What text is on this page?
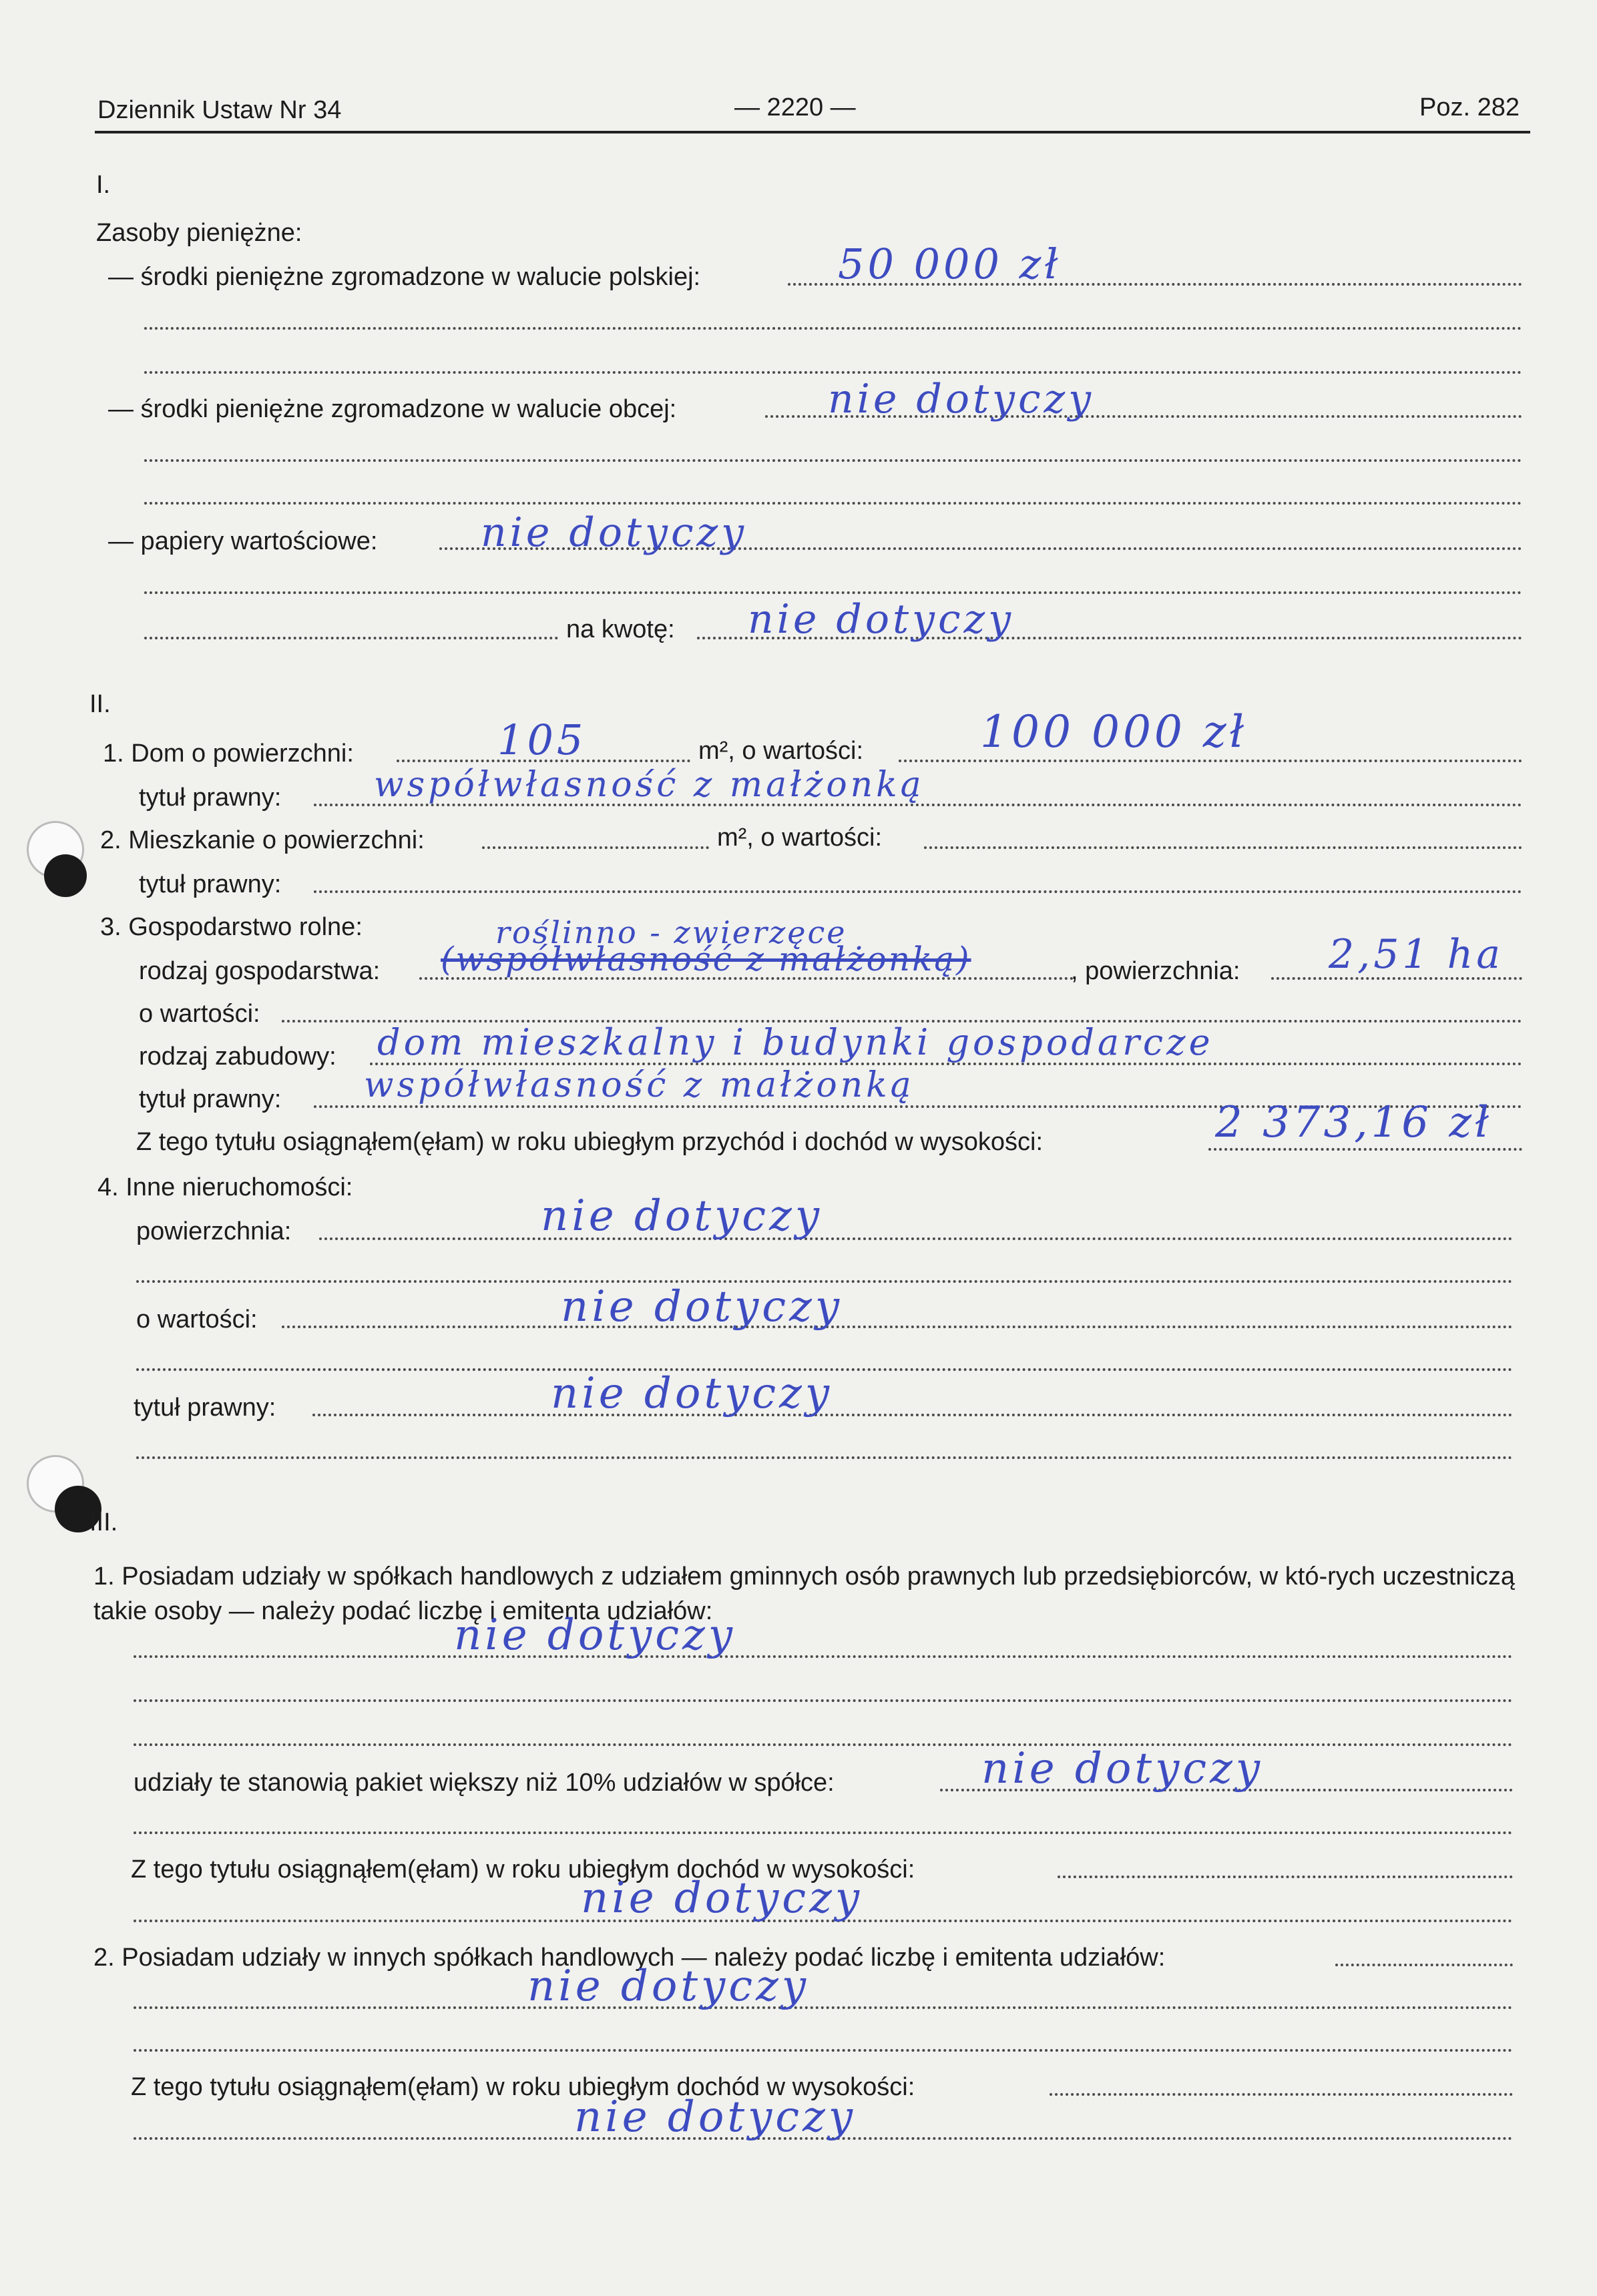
Dziennik Ustaw Nr 34	— 2220 —	Poz. 282
I.
Zasoby pieniężne:
— środki pieniężne zgromadzone w walucie polskiej:	50 000 zł
— środki pieniężne zgromadzone w walucie obcej:	nie dotyczy
— papiery wartościowe:	nie dotyczy
na kwotę: nie dotyczy
II.
1. Dom o powierzchni:	105	m², o wartości:	100 000 zł
tytuł prawny:	współwłasność z małżonką
2. Mieszkanie o powierzchni:	m², o wartości:
tytuł prawny:
3. Gospodarstwo rolne:	roślinno - zwierzęce
rodzaj gospodarstwa: (współwłasność z małżonką)	, powierzchnia: 2,51 ha
o wartości:
rodzaj zabudowy: dom mieszkalny i budynki gospodarcze
tytuł prawny: współwłasność z małżonką
Z tego tytułu osiągnąłem(ęłam) w roku ubiegłym przychód i dochód w wysokości:	2 373,16 zł
4. Inne nieruchomości:
powierzchnia:	nie dotyczy
o wartości:	nie dotyczy
tytuł prawny:	nie dotyczy
III.
1. Posiadam udziały w spółkach handlowych z udziałem gminnych osób prawnych lub przedsiębiorców, w któ-rych uczestniczą takie osoby — należy podać liczbę i emitenta udziałów:
nie dotyczy
udziały te stanowią pakiet większy niż 10% udziałów w spółce:	nie dotyczy
Z tego tytułu osiągnąłem(ęłam) w roku ubiegłym dochód w wysokości:
nie dotyczy
2. Posiadam udziały w innych spółkach handlowych — należy podać liczbę i emitenta udziałów:
nie dotyczy
Z tego tytułu osiągnąłem(ęłam) w roku ubiegłym dochód w wysokości:
nie dotyczy
